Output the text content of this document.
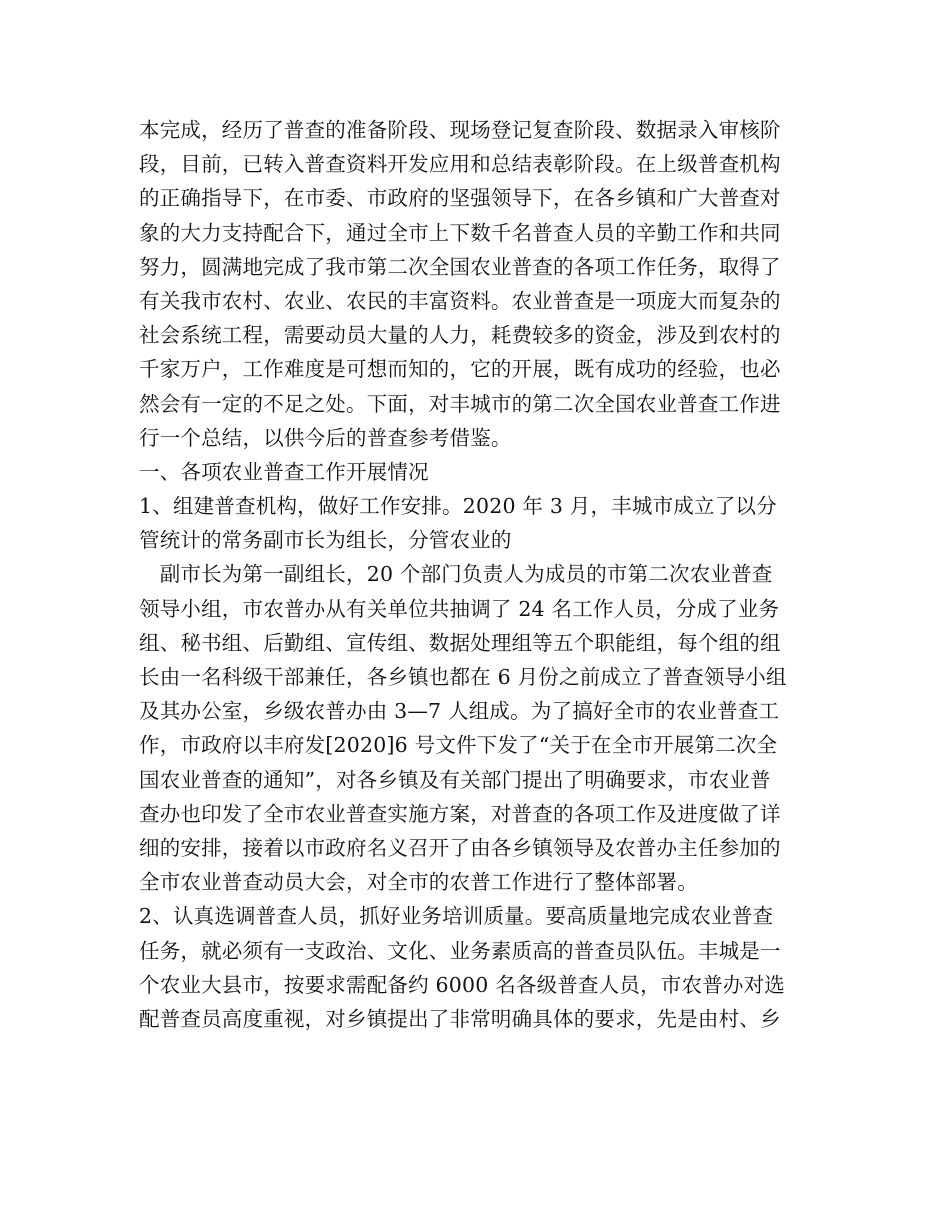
本完成，经历了普查的准备阶段、现场登记复查阶段、数据录入审核阶
段，目前，已转入普查资料开发应用和总结表彰阶段。在上级普查机构
的正确指导下，在市委、市政府的坚强领导下，在各乡镇和广大普查对
象的大力支持配合下，通过全市上下数千名普查人员的辛勤工作和共同
努力，圆满地完成了我市第二次全国农业普查的各项工作任务，取得了
有关我市农村、农业、农民的丰富资料。农业普查是一项庞大而复杂的
社会系统工程，需要动员大量的人力，耗费较多的资金，涉及到农村的
千家万户，工作难度是可想而知的，它的开展，既有成功的经验，也必
然会有一定的不足之处。下面，对丰城市的第二次全国农业普查工作进
行一个总结，以供今后的普查参考借鉴。
一、各项农业普查工作开展情况
1、组建普查机构，做好工作安排。2020 年 3 月，丰城市成立了以分
管统计的常务副市长为组长，分管农业的
　副市长为第一副组长，20 个部门负责人为成员的市第二次农业普查
领导小组，市农普办从有关单位共抽调了 24 名工作人员，分成了业务
组、秘书组、后勤组、宣传组、数据处理组等五个职能组，每个组的组
长由一名科级干部兼任，各乡镇也都在 6 月份之前成立了普查领导小组
及其办公室，乡级农普办由 3—7 人组成。为了搞好全市的农业普查工
作，市政府以丰府发[2020]6 号文件下发了“关于在全市开展第二次全
国农业普查的通知”，对各乡镇及有关部门提出了明确要求，市农业普
查办也印发了全市农业普查实施方案，对普查的各项工作及进度做了详
细的安排，接着以市政府名义召开了由各乡镇领导及农普办主任参加的
全市农业普查动员大会，对全市的农普工作进行了整体部署。
2、认真选调普查人员，抓好业务培训质量。要高质量地完成农业普查
任务，就必须有一支政治、文化、业务素质高的普查员队伍。丰城是一
个农业大县市，按要求需配备约 6000 名各级普查人员，市农普办对选
配普查员高度重视，对乡镇提出了非常明确具体的要求，先是由村、乡
